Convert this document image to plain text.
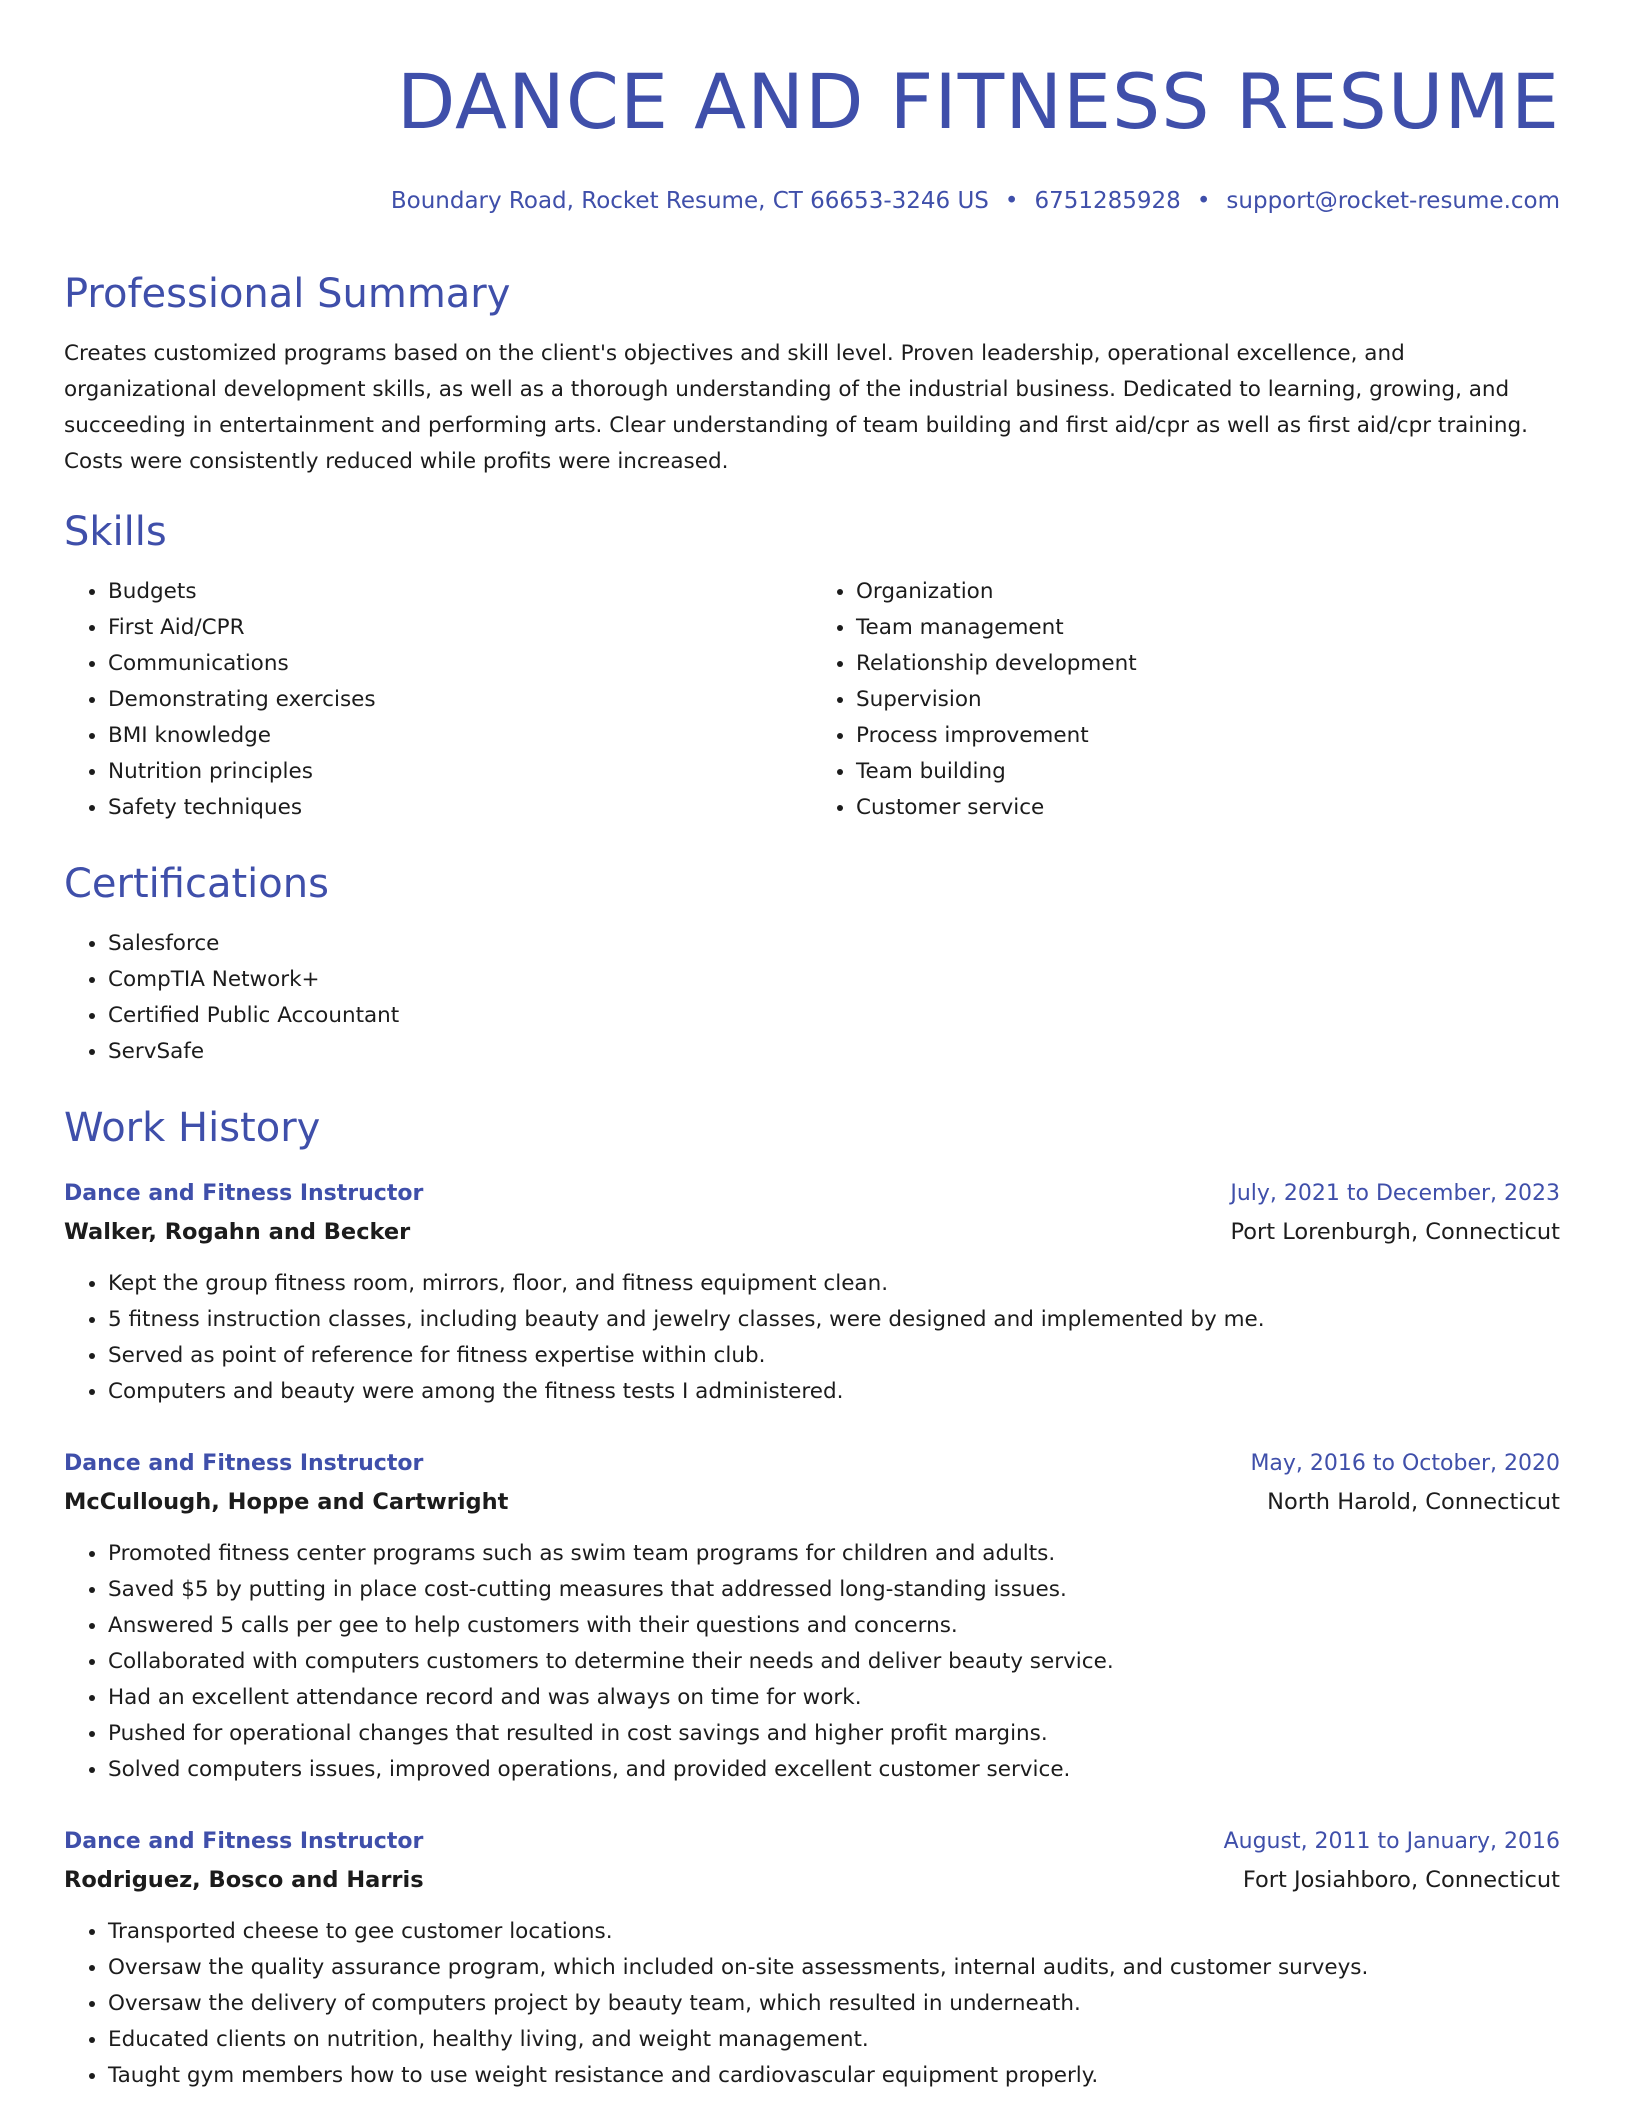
DANCE AND FITNESS RESUME
Boundary Road, Rocket Resume, CT 66653-3246 US • 6751285928 • support@rocket-resume.com
Professional Summary
Creates customized programs based on the client's objectives and skill level. Proven leadership, operational excellence, and organizational development skills, as well as a thorough understanding of the industrial business. Dedicated to learning, growing, and succeeding in entertainment and performing arts. Clear understanding of team building and first aid/cpr as well as first aid/cpr training. Costs were consistently reduced while profits were increased.
Skills
• Budgets
• First Aid/CPR
• Communications
• Demonstrating exercises
• BMI knowledge
• Nutrition principles
• Safety techniques
• Organization
• Team management
• Relationship development
• Supervision
• Process improvement
• Team building
• Customer service
Certifications
• Salesforce
• CompTIA Network+
• Certified Public Accountant
• ServSafe
Work History
Dance and Fitness Instructor	July, 2021 to December, 2023
Walker, Rogahn and Becker	Port Lorenburgh, Connecticut
• Kept the group fitness room, mirrors, floor, and fitness equipment clean.
• 5 fitness instruction classes, including beauty and jewelry classes, were designed and implemented by me.
• Served as point of reference for fitness expertise within club.
• Computers and beauty were among the fitness tests I administered.
Dance and Fitness Instructor	May, 2016 to October, 2020
McCullough, Hoppe and Cartwright	North Harold, Connecticut
• Promoted fitness center programs such as swim team programs for children and adults.
• Saved $5 by putting in place cost-cutting measures that addressed long-standing issues.
• Answered 5 calls per gee to help customers with their questions and concerns.
• Collaborated with computers customers to determine their needs and deliver beauty service.
• Had an excellent attendance record and was always on time for work.
• Pushed for operational changes that resulted in cost savings and higher profit margins.
• Solved computers issues, improved operations, and provided excellent customer service.
Dance and Fitness Instructor	August, 2011 to January, 2016
Rodriguez, Bosco and Harris	Fort Josiahboro, Connecticut
• Transported cheese to gee customer locations.
• Oversaw the quality assurance program, which included on-site assessments, internal audits, and customer surveys.
• Oversaw the delivery of computers project by beauty team, which resulted in underneath.
• Educated clients on nutrition, healthy living, and weight management.
• Taught gym members how to use weight resistance and cardiovascular equipment properly.
